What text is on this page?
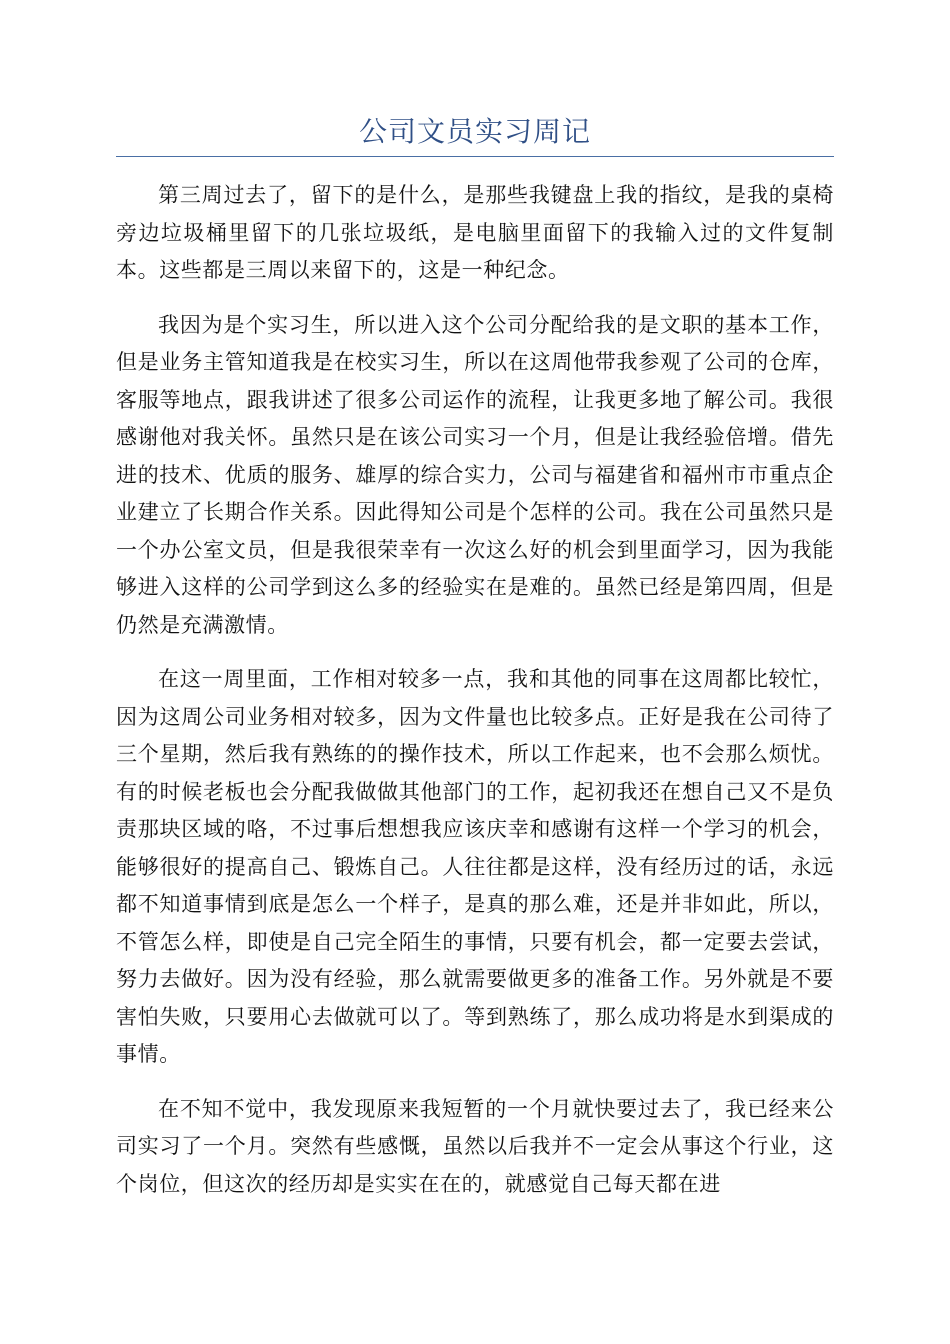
公司文员实习周记

第三周过去了，留下的是什么，是那些我键盘上我的指纹，是我的桌椅旁边垃圾桶里留下的几张垃圾纸，是电脑里面留下的我输入过的文件复制本。这些都是三周以来留下的，这是一种纪念。

我因为是个实习生，所以进入这个公司分配给我的是文职的基本工作，但是业务主管知道我是在校实习生，所以在这周他带我参观了公司的仓库，客服等地点，跟我讲述了很多公司运作的流程，让我更多地了解公司。我很感谢他对我关怀。虽然只是在该公司实习一个月，但是让我经验倍增。借先进的技术、优质的服务、雄厚的综合实力，公司与福建省和福州市市重点企业建立了长期合作关系。因此得知公司是个怎样的公司。我在公司虽然只是一个办公室文员，但是我很荣幸有一次这么好的机会到里面学习，因为我能够进入这样的公司学到这么多的经验实在是难的。虽然已经是第四周，但是仍然是充满激情。

在这一周里面，工作相对较多一点，我和其他的同事在这周都比较忙，因为这周公司业务相对较多，因为文件量也比较多点。正好是我在公司待了三个星期，然后我有熟练的的操作技术，所以工作起来，也不会那么烦忧。有的时候老板也会分配我做做其他部门的工作，起初我还在想自己又不是负责那块区域的咯，不过事后想想我应该庆幸和感谢有这样一个学习的机会，能够很好的提高自己、锻炼自己。人往往都是这样，没有经历过的话，永远都不知道事情到底是怎么一个样子，是真的那么难，还是并非如此，所以，不管怎么样，即使是自己完全陌生的事情，只要有机会，都一定要去尝试，努力去做好。因为没有经验，那么就需要做更多的准备工作。另外就是不要害怕失败，只要用心去做就可以了。等到熟练了，那么成功将是水到渠成的事情。

在不知不觉中，我发现原来我短暂的一个月就快要过去了，我已经来公司实习了一个月。突然有些感慨，虽然以后我并不一定会从事这个行业，这个岗位，但这次的经历却是实实在在的，就感觉自己每天都在进
